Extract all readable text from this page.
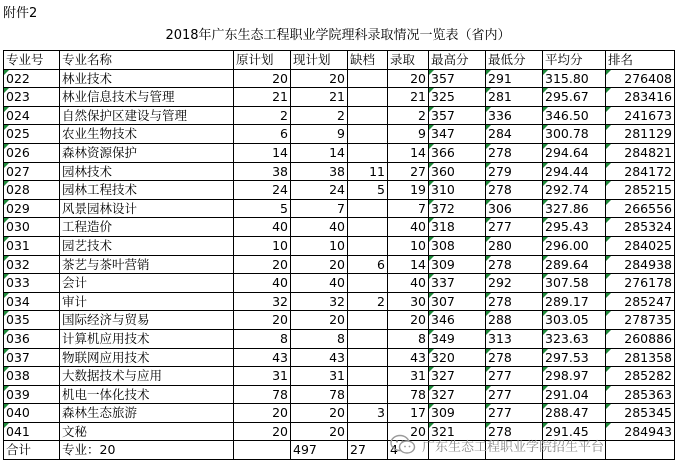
附件2
2018年广东生态工程职业学院理科录取情况一览表（省内）
专业号	专业名称	原计划	现计划	缺档	录取	最高分	最低分	平均分	排名
022	林业技术	20	20		20	357	291	315.80	276408
023	林业信息技术与管理	21	21		21	325	281	295.67	283416
024	自然保护区建设与管理	2	2		2	357	336	346.50	241673
025	农业生物技术	6	9		9	347	284	300.78	281129
026	森林资源保护	14	14		14	366	278	294.64	284821
027	园林技术	38	38	11	27	360	279	294.44	284172
028	园林工程技术	24	24	5	19	310	278	292.74	285215
029	风景园林设计	5	7		7	372	306	327.86	266556
030	工程造价	40	40		40	318	277	295.43	285324
031	园艺技术	10	10		10	308	280	296.00	284025
032	茶艺与茶叶营销	20	20	6	14	309	278	289.64	284938
033	会计	40	40		40	337	292	307.58	276178
034	审计	32	32	2	30	307	278	289.17	285247
035	国际经济与贸易	20	20		20	346	288	303.05	278735
036	计算机应用技术	8	8		8	349	313	323.63	260886
037	物联网应用技术	43	43		43	320	278	297.53	281358
038	大数据技术与应用	31	31		31	327	277	298.97	285282
039	机电一体化技术	78	78		78	327	277	291.04	285363
040	森林生态旅游	20	20	3	17	309	277	288.47	285345
041	文秘	20	20		20	321	278	291.45	284943
合计	专业：20		497	27	4				广东生态工程职业学院招生平台
